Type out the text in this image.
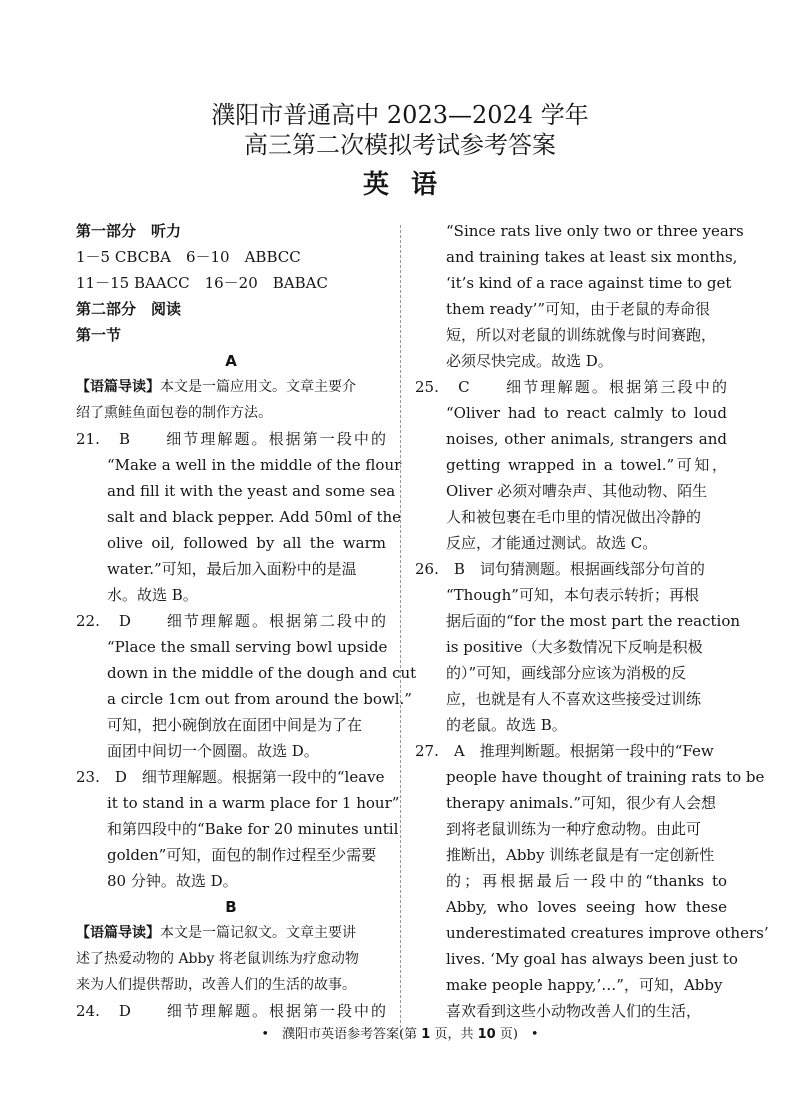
濮阳市普通高中 2023—2024 学年
高三第二次模拟考试参考答案
英语
第一部分　听力
1－5 CBCBA　6－10　ABBCC
11－15 BAACC　16－20　BABAC
第二部分　阅读
第一节
A
【语篇导读】本文是一篇应用文。文章主要介
绍了熏鲑鱼面包卷的制作方法。
21.　B　　细节理解题。根据第一段中的
“Make a well in the middle of the flour
and fill it with the yeast and some sea
salt and black pepper. Add 50ml of the
olive oil, followed by all the warm
water.”可知，最后加入面粉中的是温
水。故选 B。
22.　D　　细节理解题。根据第二段中的
“Place the small serving bowl upside
down in the middle of the dough and cut
a circle 1cm out from around the bowl.”
可知，把小碗倒放在面团中间是为了在
面团中间切一个圆圈。故选 D。
23.　D　细节理解题。根据第一段中的“leave
it to stand in a warm place for 1 hour”
和第四段中的“Bake for 20 minutes until
golden”可知，面包的制作过程至少需要
80 分钟。故选 D。
B
【语篇导读】本文是一篇记叙文。文章主要讲
述了热爱动物的 Abby 将老鼠训练为疗愈动物
来为人们提供帮助，改善人们的生活的故事。
24.　D　　细节理解题。根据第一段中的
“Since rats live only two or three years
and training takes at least six months,
‘it’s kind of a race against time to get
them ready’”可知，由于老鼠的寿命很
短，所以对老鼠的训练就像与时间赛跑，
必须尽快完成。故选 D。
25.　C　　细节理解题。根据第三段中的
“Oliver had to react calmly to loud
noises, other animals, strangers and
getting wrapped in a towel.”可知，
Oliver 必须对嘈杂声、其他动物、陌生
人和被包裹在毛巾里的情况做出冷静的
反应，才能通过测试。故选 C。
26.　B　词句猜测题。根据画线部分句首的
“Though”可知，本句表示转折；再根
据后面的“for the most part the reaction
is positive（大多数情况下反响是积极
的）”可知，画线部分应该为消极的反
应，也就是有人不喜欢这些接受过训练
的老鼠。故选 B。
27.　A　推理判断题。根据第一段中的“Few
people have thought of training rats to be
therapy animals.”可知，很少有人会想
到将老鼠训练为一种疗愈动物。由此可
推断出，Abby 训练老鼠是有一定创新性
的；再根据最后一段中的“thanks to
Abby, who loves seeing how these
underestimated creatures improve others’
lives. ‘My goal has always been just to
make people happy,’…”，可知，Abby
喜欢看到这些小动物改善人们的生活，
•　濮阳市英语参考答案(第 1 页，共 10 页)　•
